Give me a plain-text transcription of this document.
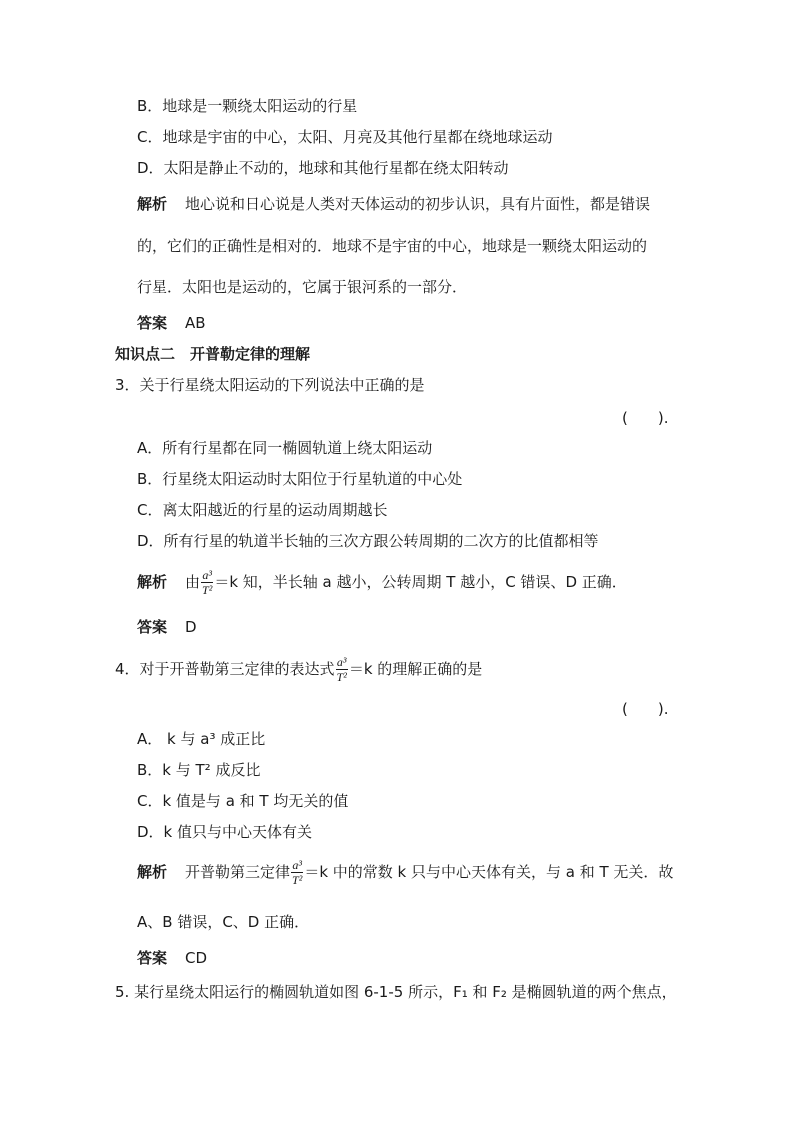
B．地球是一颗绕太阳运动的行星
C．地球是宇宙的中心，太阳、月亮及其他行星都在绕地球运动
D．太阳是静止不动的，地球和其他行星都在绕太阳转动
解析 地心说和日心说是人类对天体运动的初步认识，具有片面性，都是错误
的，它们的正确性是相对的．地球不是宇宙的中心，地球是一颗绕太阳运动的
行星．太阳也是运动的，它属于银河系的一部分．
答案 AB
知识点二　开普勒定律的理解
3．关于行星绕太阳运动的下列说法中正确的是
(　　).
A．所有行星都在同一椭圆轨道上绕太阳运动
B．行星绕太阳运动时太阳位于行星轨道的中心处
C．离太阳越近的行星的运动周期越长
D．所有行星的轨道半长轴的三次方跟公转周期的二次方的比值都相等
解析 由 $\frac{\text{a³}}{\text{T²}} =k$ 知，半长轴 a 越小，公转周期 T 越小，C 错误、D 正确．
答案 D
4．对于开普勒第三定律的表达式 $\frac{\text{a³}}{\text{T²}} =k$ 的理解正确的是
(　　).
A． k 与 a³ 成正比
B．k 与 T² 成反比
C．k 值是与 a 和 T 均无关的值
D．k 值只与中心天体有关
解析 开普勒第三定律 $\frac{\text{a³}}{\text{T²}} =k$ 中的常数 k 只与中心天体有关，与 a 和 T 无关．故
A、B 错误，C、D 正确．
答案 CD
5. 某行星绕太阳运行的椭圆轨道如图 6-1-5 所示，F₁ 和 F₂ 是椭圆轨道的两个焦点，
